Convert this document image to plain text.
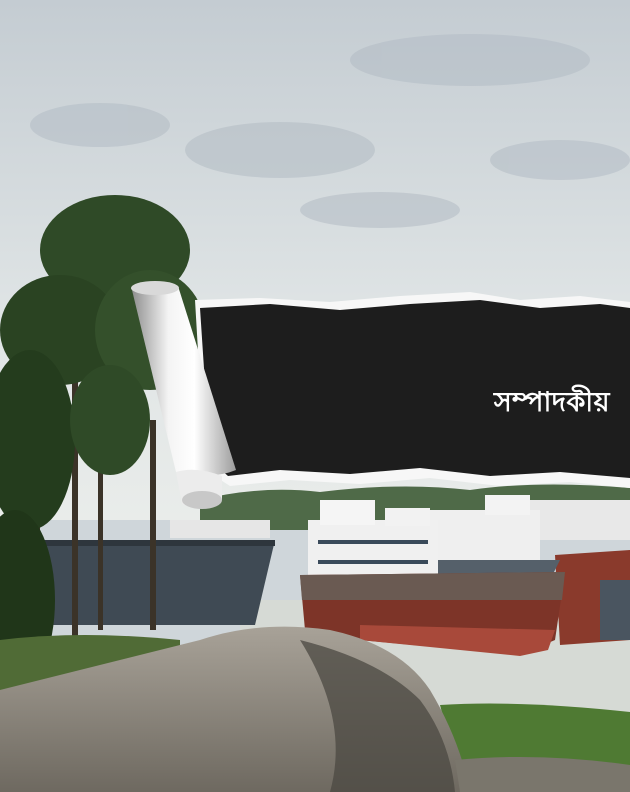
সম্পাদকীয়
